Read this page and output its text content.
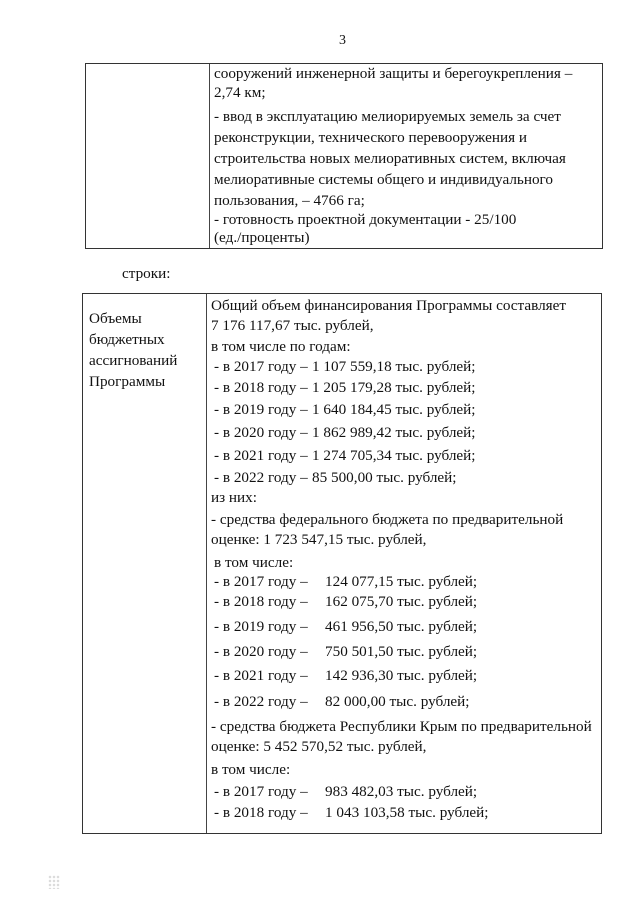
3
сооружений инженерной защиты и берегоукрепления –
2,74 км;
- ввод в эксплуатацию мелиорируемых земель за счет
реконструкции, технического перевооружения и
строительства новых мелиоративных систем, включая
мелиоративные системы общего и индивидуального
пользования, – 4766 га;
- готовность проектной документации - 25/100
(ед./проценты)
строки:
Объемы
бюджетных
ассигнований
Программы
Общий объем финансирования Программы составляет
7 176 117,67 тыс. рублей,
в том числе по годам:
- в 2017 году – 1 107 559,18 тыс. рублей;
- в 2018 году – 1 205 179,28 тыс. рублей;
- в 2019 году – 1 640 184,45 тыс. рублей;
- в 2020 году – 1 862 989,42 тыс. рублей;
- в 2021 году – 1 274 705,34 тыс. рублей;
- в 2022 году – 85 500,00 тыс. рублей;
из них:
- средства федерального бюджета по предварительной
оценке: 1 723 547,15 тыс. рублей,
в том числе:
- в 2017 году – 124 077,15 тыс. рублей;
- в 2018 году – 162 075,70 тыс. рублей;
- в 2019 году – 461 956,50 тыс. рублей;
- в 2020 году – 750 501,50 тыс. рублей;
- в 2021 году – 142 936,30 тыс. рублей;
- в 2022 году – 82 000,00 тыс. рублей;
- средства бюджета Республики Крым по предварительной
оценке: 5 452 570,52 тыс. рублей,
в том числе:
- в 2017 году – 983 482,03 тыс. рублей;
- в 2018 году – 1 043 103,58 тыс. рублей;
